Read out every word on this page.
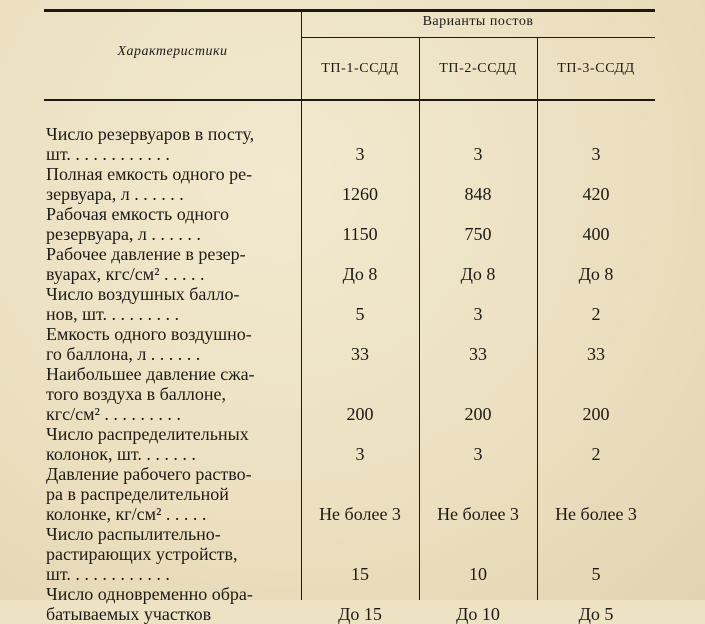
Характеристики
Варианты постов
ТП-1-ССДД	ТП-2-ССДД	ТП-3-ССДД
Число резервуаров в посту,
шт. . . . . . . . . . . .	3	3	3
Полная емкость одного ре-
зервуара, л . . . . . .	1260	848	420
Рабочая емкость одного
резервуара, л . . . . . .	1150	750	400
Рабочее давление в резер-
вуарах, кгс/см² . . . . .	До 8	До 8	До 8
Число воздушных балло-
нов, шт. . . . . . . . .	5	3	2
Емкость одного воздушно-
го баллона, л . . . . . .	33	33	33
Наибольшее давление сжа-
того воздуха в баллоне,
кгс/см² . . . . . . . . .	200	200	200
Число распределительных
колонок, шт. . . . . . .	3	3	2
Давление рабочего раство-
ра в распределительной
колонке, кг/см² . . . . .	Не более 3	Не более 3	Не более 3
Число распылительно-
растирающих устройств,
шт. . . . . . . . . . . .	15	10	5
Число одновременно обра-
батываемых участков	До 15	До 10	До 5
